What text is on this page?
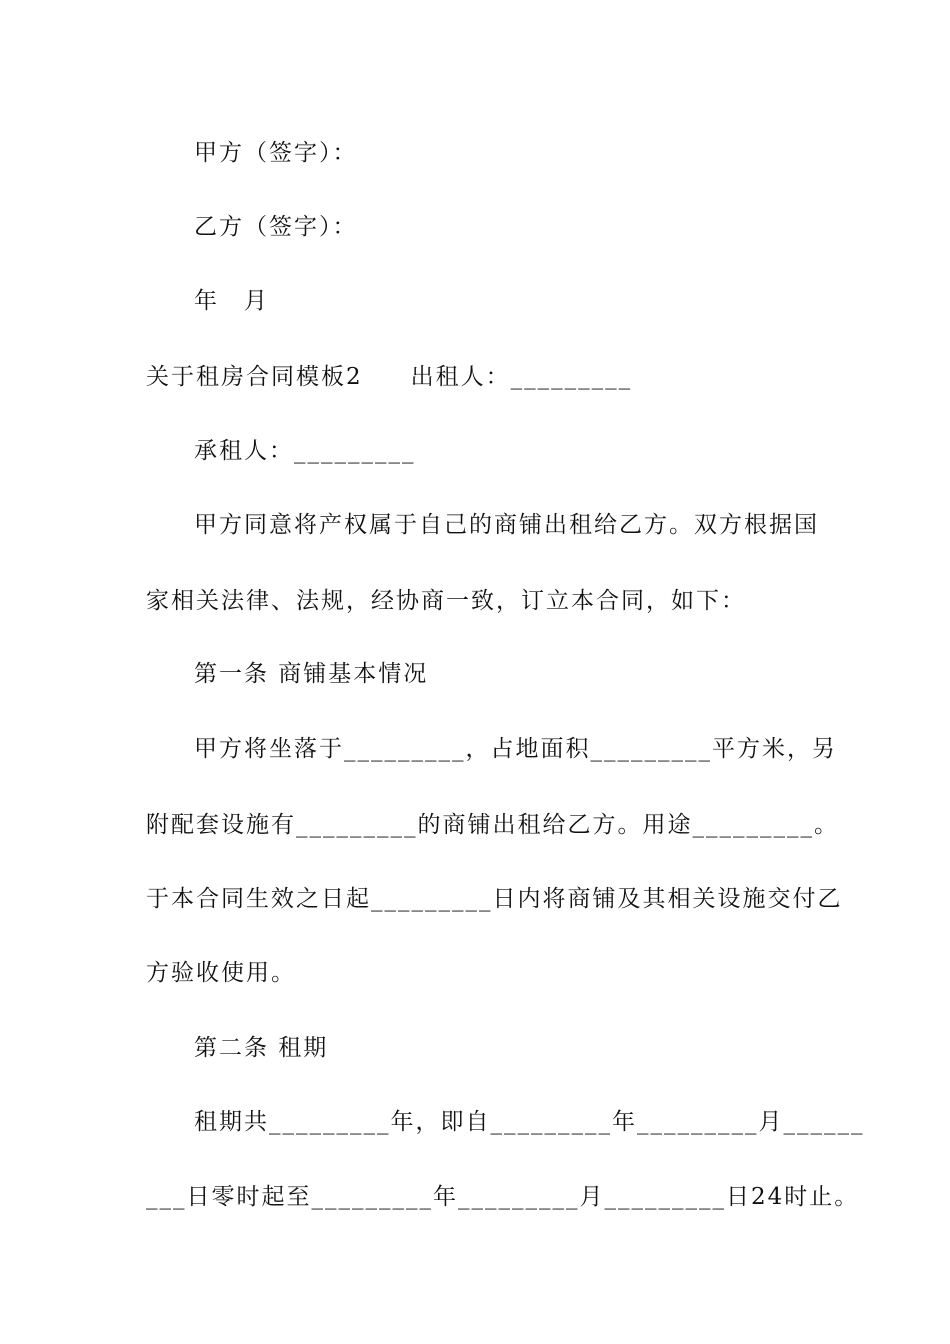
甲方（签字）：

乙方（签字）：

年　月

关于租房合同模板2 出租人：_________

承租人：_________

甲方同意将产权属于自己的商铺出租给乙方。双方根据国

家相关法律、法规，经协商一致，订立本合同，如下：

第一条 商铺基本情况

甲方将坐落于_________，占地面积_________平方米，另

附配套设施有_________的商铺出租给乙方。用途_________。

于本合同生效之日起_________日内将商铺及其相关设施交付乙

方验收使用。

第二条 租期

租期共_________年，即自_________年_________月______

___日零时起至_________年_________月_________日24时止。
